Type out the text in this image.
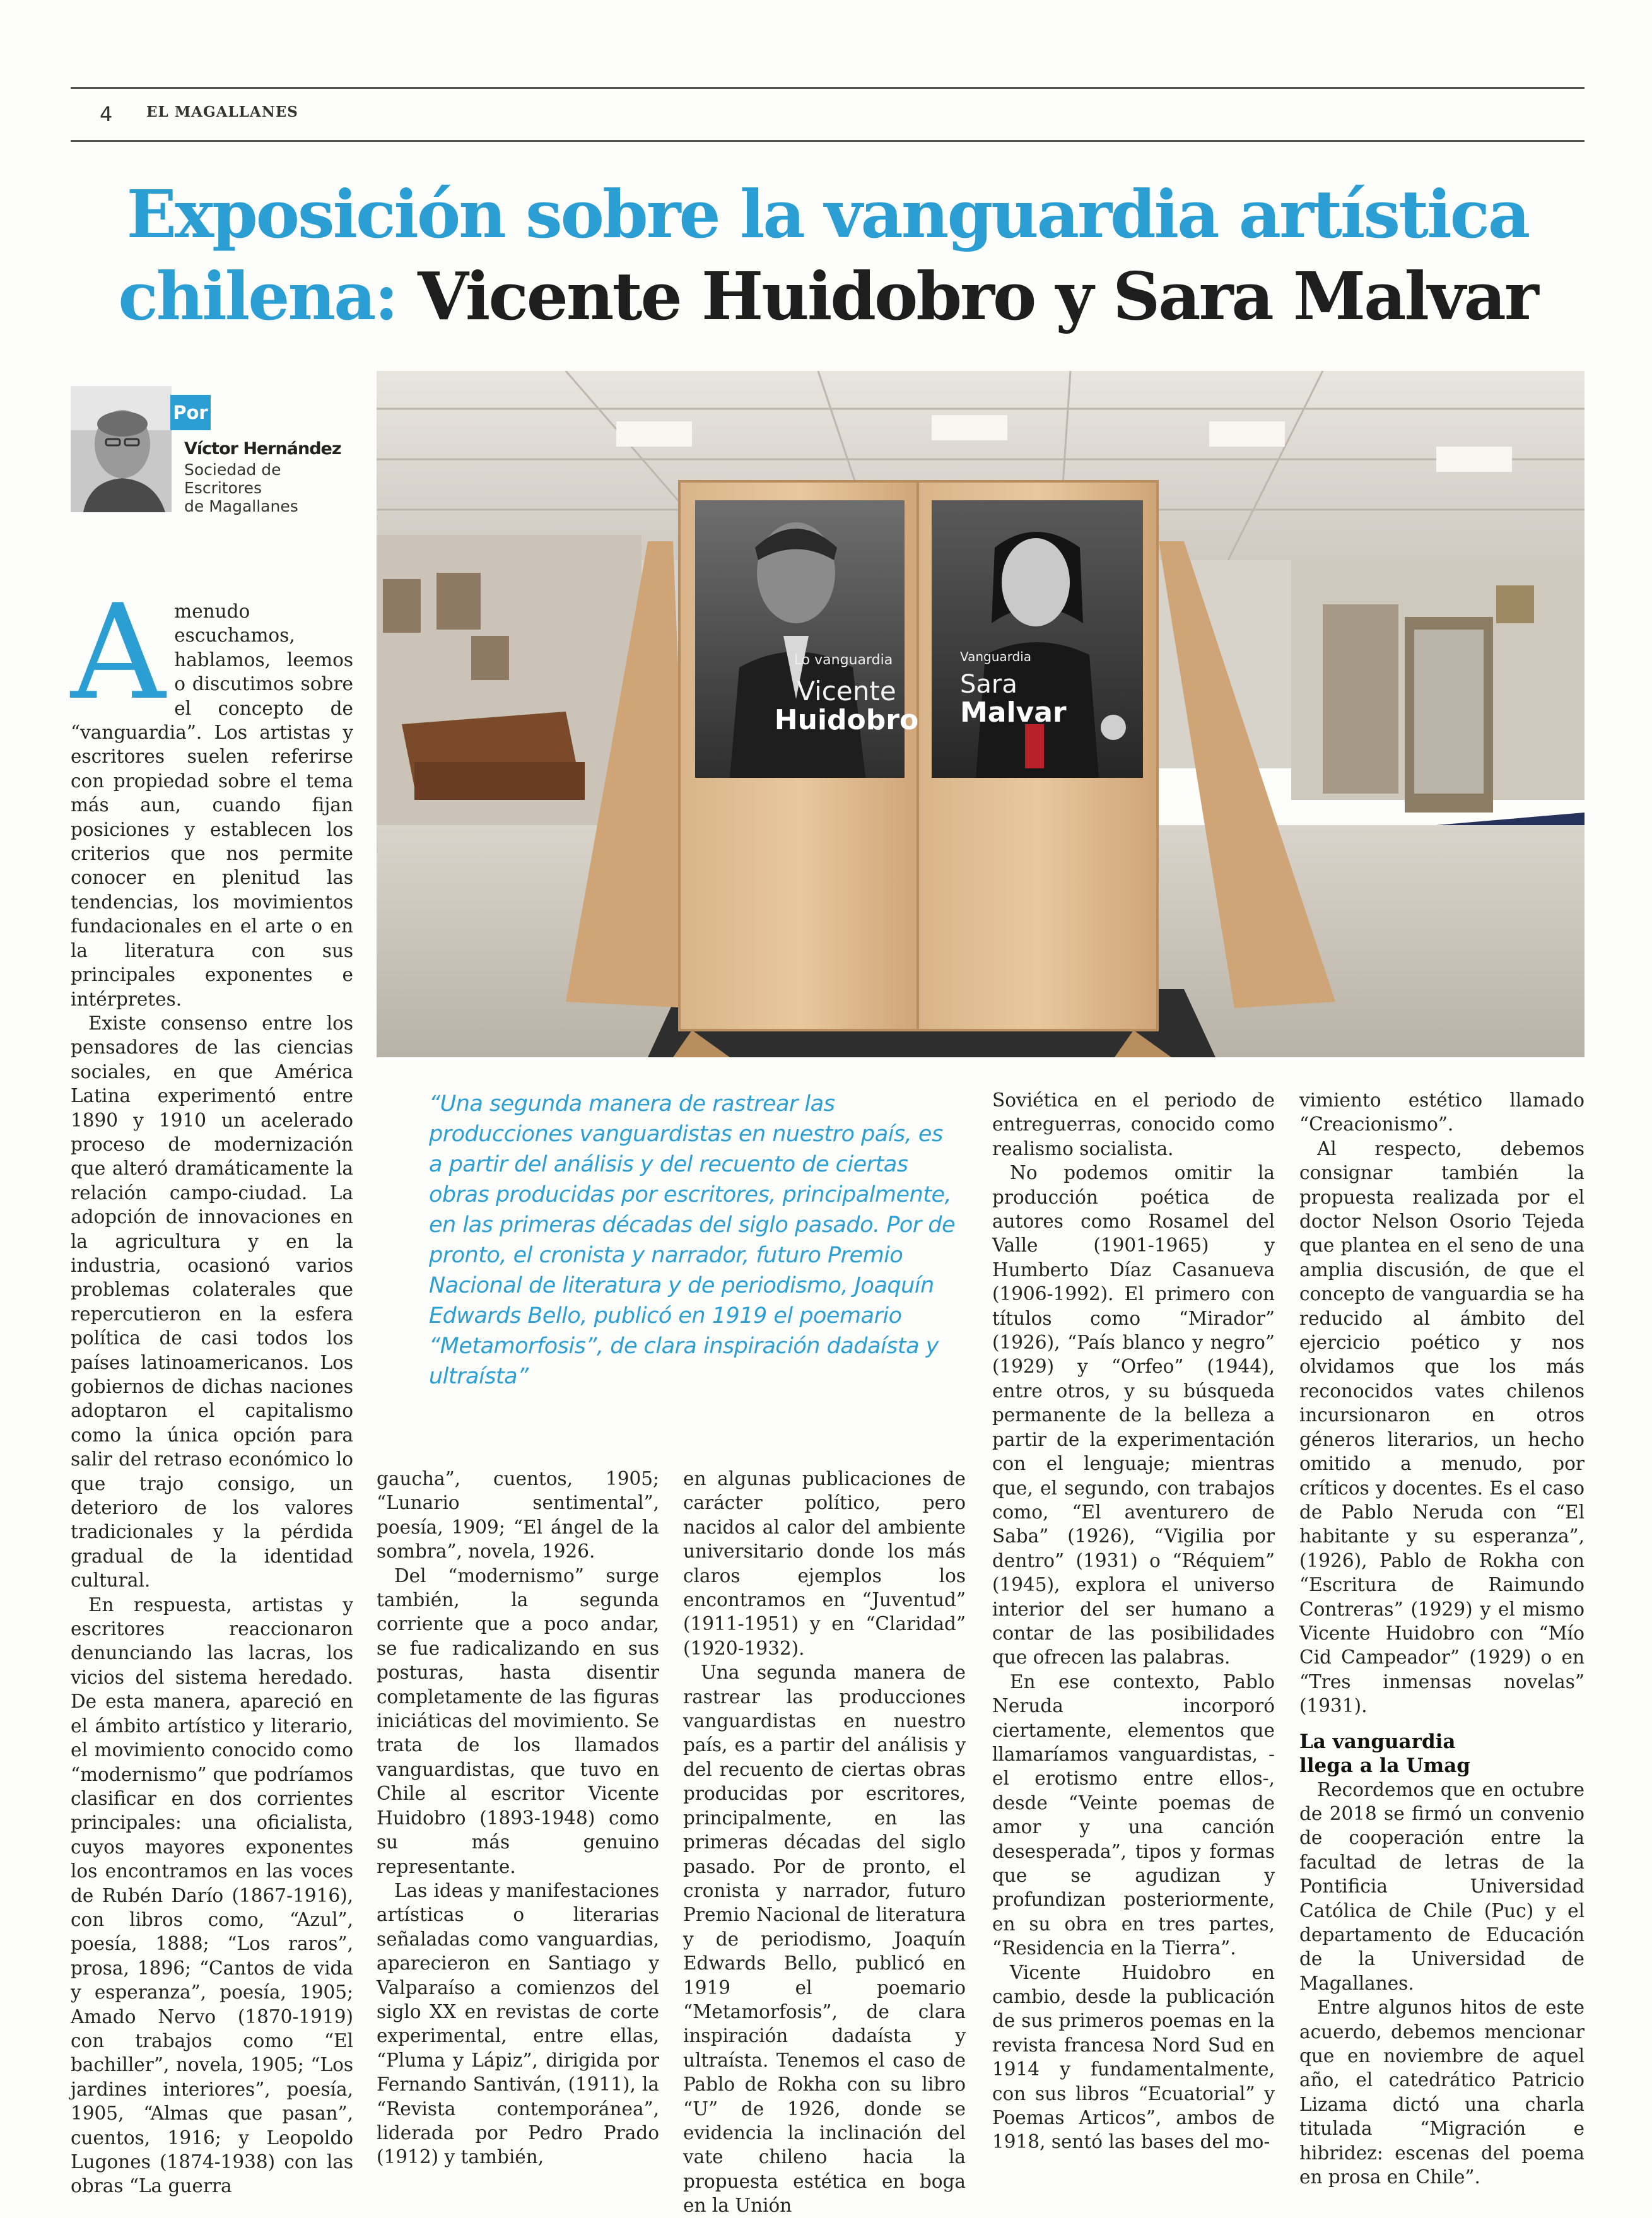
4 EL MAGALLANES
Exposición sobre la vanguardia artística
chilena: Vicente Huidobro y Sara Malvar
Por
Víctor Hernández
Sociedad de
Escritores
de Magallanes
Lo vanguardia
Vicente
Huidobro
Vanguardia
Sara
Malvar
“Una segunda manera de rastrear las producciones vanguardistas en nuestro país, es a partir del análisis y del recuento de ciertas obras producidas por escritores, principalmente, en las primeras décadas del siglo pasado. Por de pronto, el cronista y narrador, futuro Premio Nacional de literatura y de periodismo, Joaquín Edwards Bello, publicó en 1919 el poemario “Metamorfosis”, de clara inspiración dadaísta y ultraísta”
A menudo escuchamos, hablamos, leemos o discutimos sobre el concepto de “vanguardia”. Los artistas y escritores suelen referirse con propiedad sobre el tema más aun, cuando fijan posiciones y establecen los criterios que nos permite conocer en plenitud las tendencias, los movimientos fundacionales en el arte o en la literatura con sus principales exponentes e intérpretes.

Existe consenso entre los pensadores de las ciencias sociales, en que América Latina experimentó entre 1890 y 1910 un acelerado proceso de modernización que alteró dramáticamente la relación campo-ciudad. La adopción de innovaciones en la agricultura y en la industria, ocasionó varios problemas colaterales que repercutieron en la esfera política de casi todos los países latinoamericanos. Los gobiernos de dichas naciones adoptaron el capitalismo como la única opción para salir del retraso económico lo que trajo consigo, un deterioro de los valores tradicionales y la pérdida gradual de la identidad cultural.

En respuesta, artistas y escritores reaccionaron denunciando las lacras, los vicios del sistema heredado. De esta manera, apareció en el ámbito artístico y literario, el movimiento conocido como “modernismo” que podríamos clasificar en dos corrientes principales: una oficialista, cuyos mayores exponentes los encontramos en las voces de Rubén Darío (1867-1916), con libros como, “Azul”, poesía, 1888; “Los raros”, prosa, 1896; “Cantos de vida y esperanza”, poesía, 1905; Amado Nervo (1870-1919) con trabajos como “El bachiller”, novela, 1905; “Los jardines interiores”, poesía, 1905, “Almas que pasan”, cuentos, 1916; y Leopoldo Lugones (1874-1938) con las obras “La guerra

gaucha”, cuentos, 1905; “Lunario sentimental”, poesía, 1909; “El ángel de la sombra”, novela, 1926.

Del “modernismo” surge también, la segunda corriente que a poco andar, se fue radicalizando en sus posturas, hasta disentir completamente de las figuras iniciáticas del movimiento. Se trata de los llamados vanguardistas, que tuvo en Chile al escritor Vicente Huidobro (1893-1948) como su más genuino representante.

Las ideas y manifestaciones artísticas o literarias señaladas como vanguardias, aparecieron en Santiago y Valparaíso a comienzos del siglo XX en revistas de corte experimental, entre ellas, “Pluma y Lápiz”, dirigida por Fernando Santiván, (1911), la “Revista contemporánea”, liderada por Pedro Prado (1912) y también,

en algunas publicaciones de carácter político, pero nacidos al calor del ambiente universitario donde los más claros ejemplos los encontramos en “Juventud” (1911-1951) y en “Claridad” (1920-1932).

Una segunda manera de rastrear las producciones vanguardistas en nuestro país, es a partir del análisis y del recuento de ciertas obras producidas por escritores, principalmente, en las primeras décadas del siglo pasado. Por de pronto, el cronista y narrador, futuro Premio Nacional de literatura y de periodismo, Joaquín Edwards Bello, publicó en 1919 el poemario “Metamorfosis”, de clara inspiración dadaísta y ultraísta. Tenemos el caso de Pablo de Rokha con su libro “U” de 1926, donde se evidencia la inclinación del vate chileno hacia la propuesta estética en boga en la Unión

Soviética en el periodo de entreguerras, conocido como realismo socialista.

No podemos omitir la producción poética de autores como Rosamel del Valle (1901-1965) y Humberto Díaz Casanueva (1906-1992). El primero con títulos como “Mirador” (1926), “País blanco y negro” (1929) y “Orfeo” (1944), entre otros, y su búsqueda permanente de la belleza a partir de la experimentación con el lenguaje; mientras que, el segundo, con trabajos como, “El aventurero de Saba” (1926), “Vigilia por dentro” (1931) o “Réquiem” (1945), explora el universo interior del ser humano a contar de las posibilidades que ofrecen las palabras.

En ese contexto, Pablo Neruda incorporó ciertamente, elementos que llamaríamos vanguardistas, -el erotismo entre ellos-, desde “Veinte poemas de amor y una canción desesperada”, tipos y formas que se agudizan y profundizan posteriormente, en su obra en tres partes, “Residencia en la Tierra”.

Vicente Huidobro en cambio, desde la publicación de sus primeros poemas en la revista francesa Nord Sud en 1914 y fundamentalmente, con sus libros “Ecuatorial” y Poemas Articos”, ambos de 1918, sentó las bases del mo-

vimiento estético llamado “Creacionismo”.

Al respecto, debemos consignar también la propuesta realizada por el doctor Nelson Osorio Tejeda que plantea en el seno de una amplia discusión, de que el concepto de vanguardia se ha reducido al ámbito del ejercicio poético y nos olvidamos que los más reconocidos vates chilenos incursionaron en otros géneros literarios, un hecho omitido a menudo, por críticos y docentes. Es el caso de Pablo Neruda con “El habitante y su esperanza”, (1926), Pablo de Rokha con “Escritura de Raimundo Contreras” (1929) y el mismo Vicente Huidobro con “Mío Cid Campeador” (1929) o en “Tres inmensas novelas” (1931).

La vanguardia
llega a la Umag

Recordemos que en octubre de 2018 se firmó un convenio de cooperación entre la facultad de letras de la Pontificia Universidad Católica de Chile (Puc) y el departamento de Educación de la Universidad de Magallanes.

Entre algunos hitos de este acuerdo, debemos mencionar que en noviembre de aquel año, el catedrático Patricio Lizama dictó una charla titulada “Migración e hibridez: escenas del poema en prosa en Chile”.
